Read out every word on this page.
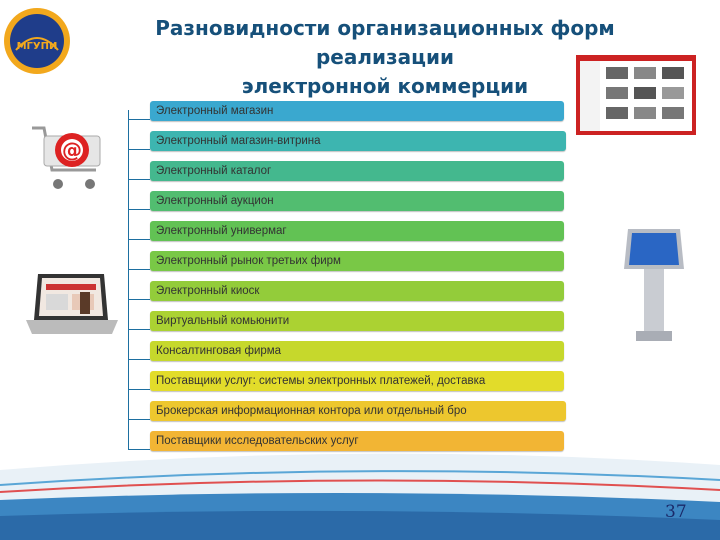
МГУПИ
Разновидности организационных форм реализации
электронной коммерции
@
Электронный магазин
Электронный магазин-витрина
Электронный каталог
Электронный аукцион
Электронный универмаг
Электронный рынок третьих фирм
Электронный киоск
Виртуальный комьюнити
Консалтинговая фирма
Поставщики услуг: системы электронных платежей, доставка
Брокерская информационная контора или отдельный бро
Поставщики исследовательских услуг
37
